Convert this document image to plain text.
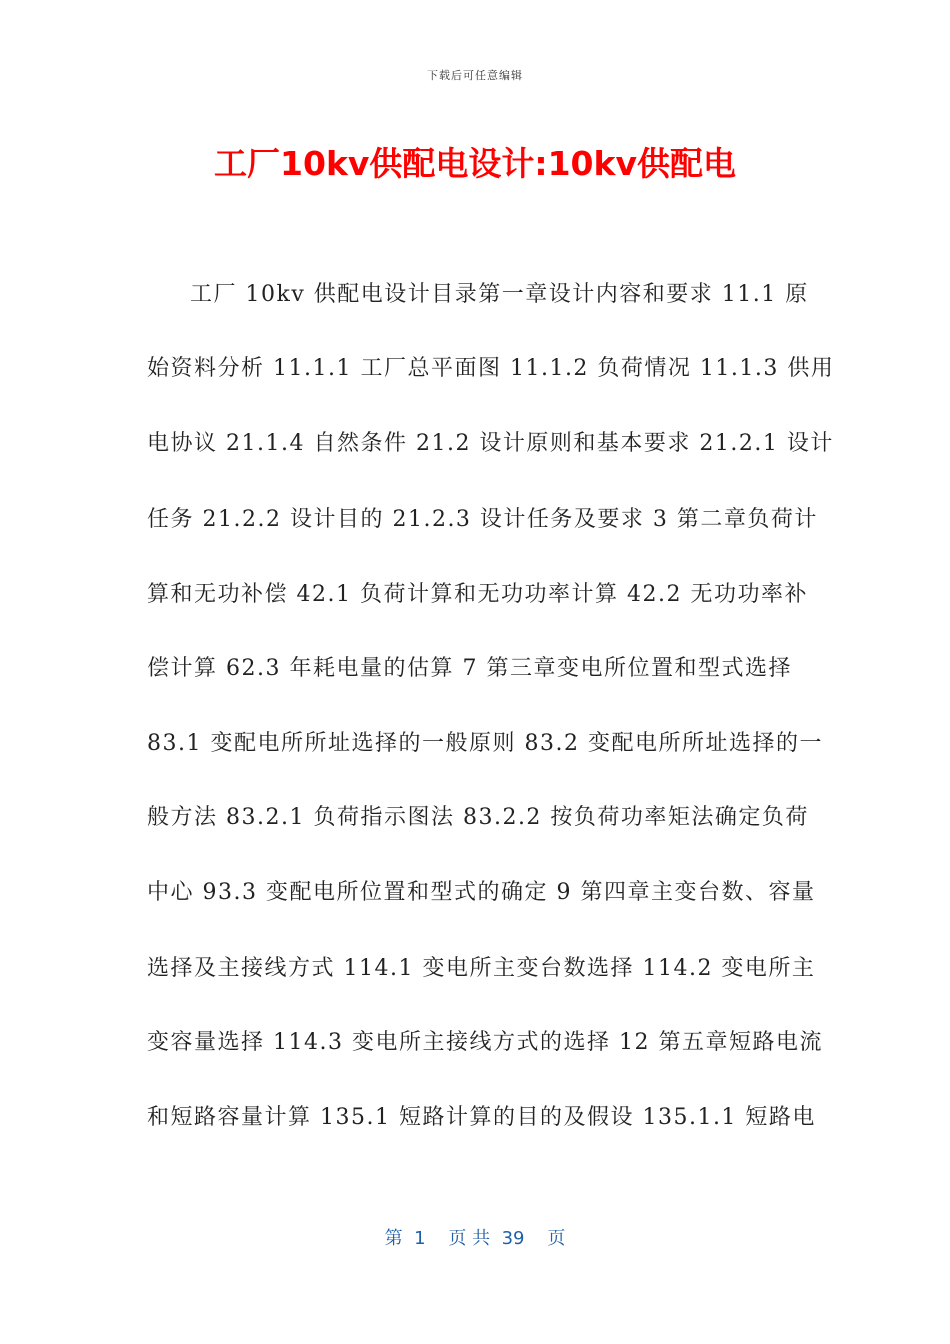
下载后可任意编辑
工厂10kv供配电设计:10kv供配电
工厂 10kv 供配电设计目录第一章设计内容和要求 11.1 原
始资料分析 11.1.1 工厂总平面图 11.1.2 负荷情况 11.1.3 供用
电协议 21.1.4 自然条件 21.2 设计原则和基本要求 21.2.1 设计
任务 21.2.2 设计目的 21.2.3 设计任务及要求 3 第二章负荷计
算和无功补偿 42.1 负荷计算和无功功率计算 42.2 无功功率补
偿计算 62.3 年耗电量的估算 7 第三章变电所位置和型式选择
83.1 变配电所所址选择的一般原则 83.2 变配电所所址选择的一
般方法 83.2.1 负荷指示图法 83.2.2 按负荷功率矩法确定负荷
中心 93.3 变配电所位置和型式的确定 9 第四章主变台数、容量
选择及主接线方式 114.1 变电所主变台数选择 114.2 变电所主
变容量选择 114.3 变电所主接线方式的选择 12 第五章短路电流
和短路容量计算 135.1 短路计算的目的及假设 135.1.1 短路电
第  1    页 共  39    页
